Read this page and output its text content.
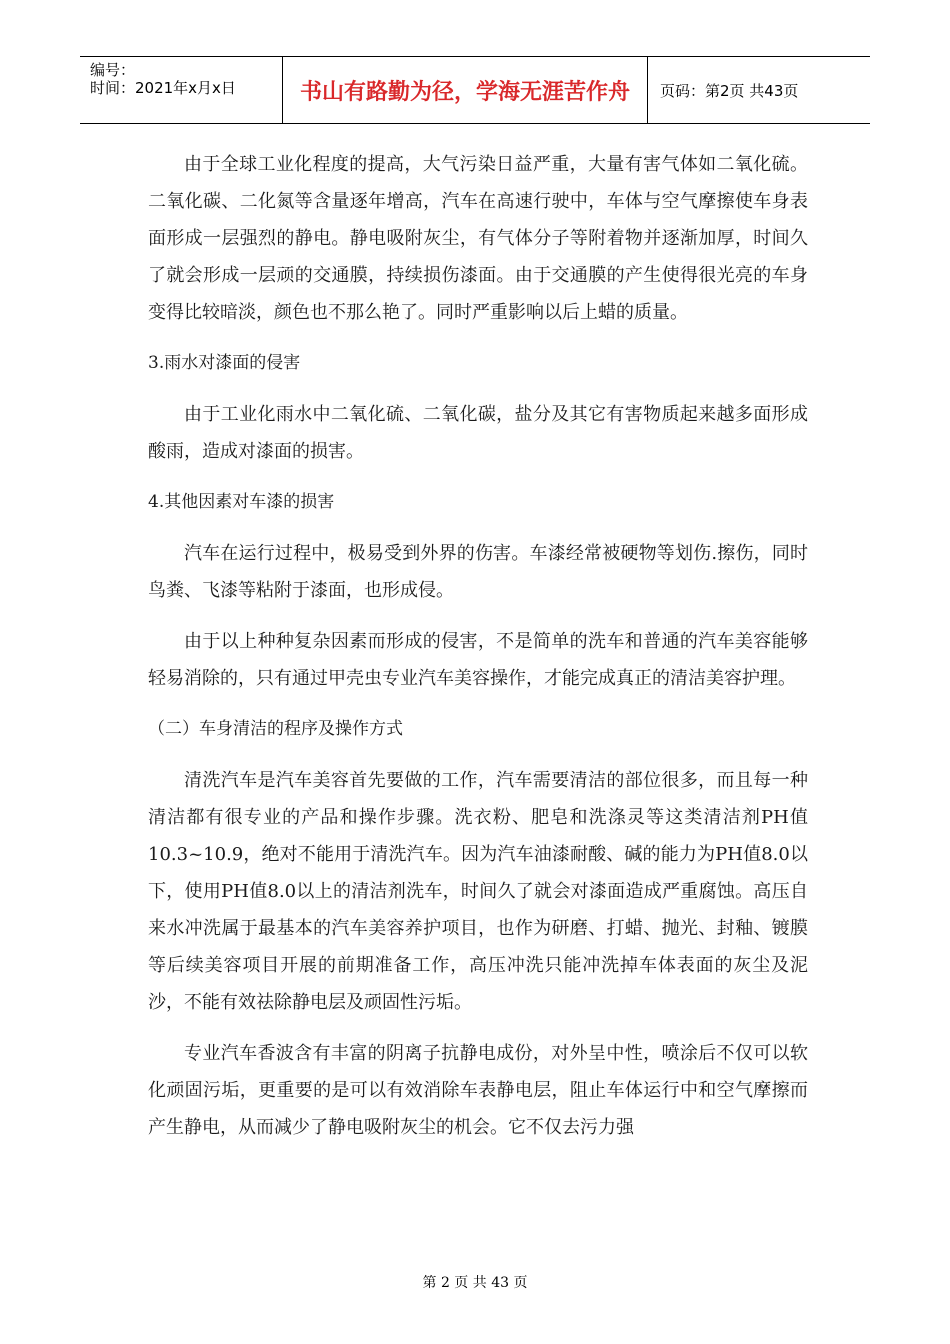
编号：
时间：2021年x月x日	书山有路勤为径，学海无涯苦作舟	页码：第2页 共43页

由于全球工业化程度的提高，大气污染日益严重，大量有害气体如二氧化硫。二氧化碳、二化氮等含量逐年增高，汽车在高速行驶中，车体与空气摩擦使车身表面形成一层强烈的静电。静电吸附灰尘，有气体分子等附着物并逐渐加厚，时间久了就会形成一层顽的交通膜，持续损伤漆面。由于交通膜的产生使得很光亮的车身变得比较暗淡，颜色也不那么艳了。同时严重影响以后上蜡的质量。

3.雨水对漆面的侵害

由于工业化雨水中二氧化硫、二氧化碳，盐分及其它有害物质起来越多面形成酸雨，造成对漆面的损害。

4.其他因素对车漆的损害

汽车在运行过程中，极易受到外界的伤害。车漆经常被硬物等划伤.擦伤，同时鸟粪、飞漆等粘附于漆面，也形成侵。

由于以上种种复杂因素而形成的侵害，不是简单的洗车和普通的汽车美容能够轻易消除的，只有通过甲壳虫专业汽车美容操作，才能完成真正的清洁美容护理。

（二）车身清洁的程序及操作方式

清洗汽车是汽车美容首先要做的工作，汽车需要清洁的部位很多，而且每一种清洁都有很专业的产品和操作步骤。洗衣粉、肥皂和洗涤灵等这类清洁剂PH值10.3~10.9，绝对不能用于清洗汽车。因为汽车油漆耐酸、碱的能力为PH值8.0以下，使用PH值8.0以上的清洁剂洗车，时间久了就会对漆面造成严重腐蚀。高压自来水冲洗属于最基本的汽车美容养护项目，也作为研磨、打蜡、抛光、封釉、镀膜等后续美容项目开展的前期准备工作，高压冲洗只能冲洗掉车体表面的灰尘及泥沙，不能有效祛除静电层及顽固性污垢。

专业汽车香波含有丰富的阴离子抗静电成份，对外呈中性，喷涂后不仅可以软化顽固污垢，更重要的是可以有效消除车表静电层，阻止车体运行中和空气摩擦而产生静电，从而减少了静电吸附灰尘的机会。它不仅去污力强

第 2 页 共 43 页
